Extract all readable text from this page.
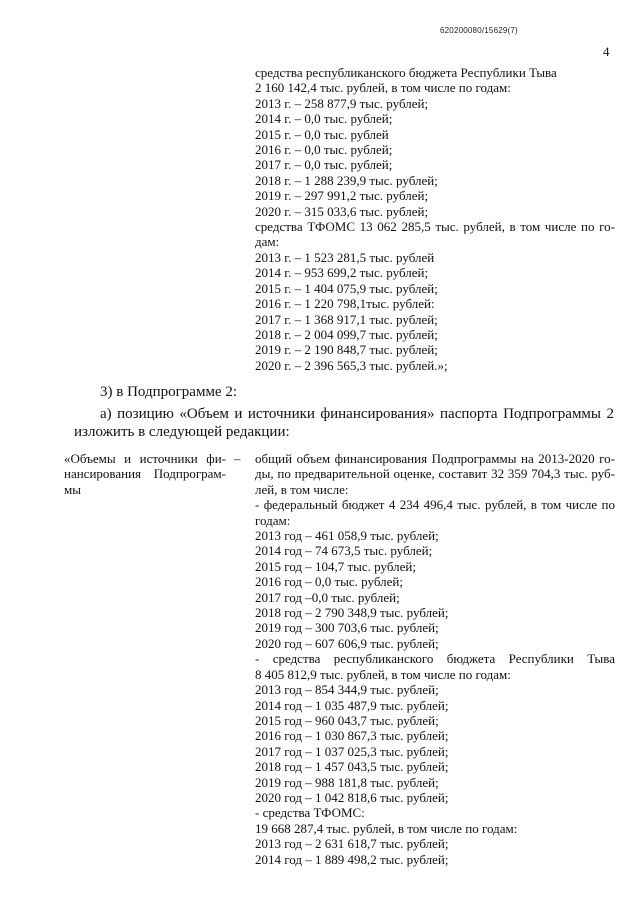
620200080/15629(7)
4
средства республиканского бюджета Республики Тыва
2 160 142,4 тыс. рублей, в том числе по годам:
2013 г. – 258 877,9 тыс. рублей;
2014 г. – 0,0 тыс. рублей;
2015 г. – 0,0 тыс. рублей
2016 г. – 0,0 тыс. рублей;
2017 г. – 0,0 тыс. рублей;
2018 г. – 1 288 239,9 тыс. рублей;
2019 г. – 297 991,2 тыс. рублей;
2020 г. – 315 033,6 тыс. рублей;
средства ТФОМС 13 062 285,5 тыс. рублей, в том числе по го-
дам:
2013 г. – 1 523 281,5 тыс. рублей
2014 г. – 953 699,2 тыс. рублей;
2015 г. – 1 404 075,9 тыс. рублей;
2016 г. – 1 220 798,1тыс. рублей:
2017 г. – 1 368 917,1 тыс. рублей;
2018 г. – 2 004 099,7 тыс. рублей;
2019 г. – 2 190 848,7 тыс. рублей;
2020 г. – 2 396 565,3 тыс. рублей.»;
3) в Подпрограмме 2:
а) позицию «Объем и источники финансирования» паспорта Подпрограммы 2
изложить в следующей редакции:
«Объемы и источники фи-
нансирования Подпрограм-
мы
– общий объем финансирования Подпрограммы на 2013-2020 го-
ды, по предварительной оценке, составит 32 359 704,3 тыс. руб-
лей, в том числе:
- федеральный бюджет 4 234 496,4 тыс. рублей, в том числе по
годам:
2013 год – 461 058,9 тыс. рублей;
2014 год – 74 673,5 тыс. рублей;
2015 год – 104,7 тыс. рублей;
2016 год – 0,0 тыс. рублей;
2017 год –0,0 тыс. рублей;
2018 год – 2 790 348,9 тыс. рублей;
2019 год – 300 703,6 тыс. рублей;
2020 год – 607 606,9 тыс. рублей;
- средства республиканского бюджета Республики Тыва
8 405 812,9 тыс. рублей, в том числе по годам:
2013 год – 854 344,9 тыс. рублей;
2014 год – 1 035 487,9 тыс. рублей;
2015 год – 960 043,7 тыс. рублей;
2016 год – 1 030 867,3 тыс. рублей;
2017 год – 1 037 025,3 тыс. рублей;
2018 год – 1 457 043,5 тыс. рублей;
2019 год – 988 181,8 тыс. рублей;
2020 год – 1 042 818,6 тыс. рублей;
- средства ТФОМС:
19 668 287,4 тыс. рублей, в том числе по годам:
2013 год – 2 631 618,7 тыс. рублей;
2014 год – 1 889 498,2 тыс. рублей;
